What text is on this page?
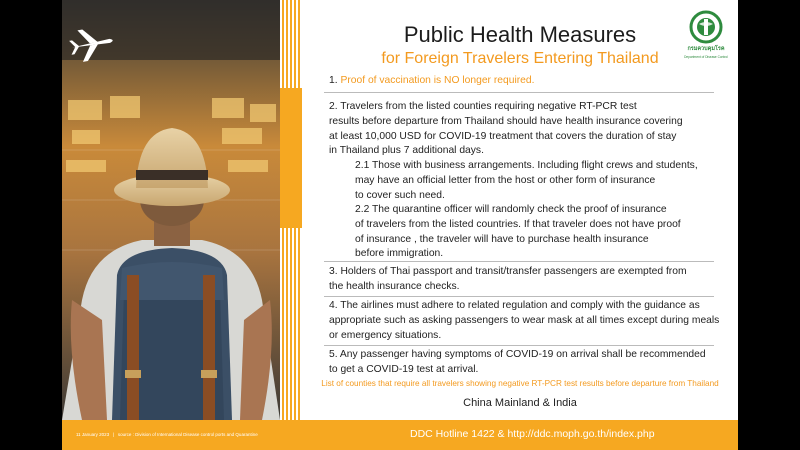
Public Health Measures
for Foreign Travelers Entering Thailand
กรมควบคุมโรค
Department of Disease Control
1. Proof of vaccination is NO longer required.
2. Travelers from the listed counties requiring negative RT-PCR test
results before departure from Thailand should have health insurance covering
at least 10,000 USD for COVID-19 treatment that covers the duration of stay
in Thailand plus 7 additional days.
2.1 Those with business arrangements. Including flight crews and students,
may have an official letter from the host or other form of insurance
to cover such need.
2.2 The quarantine officer will randomly check the proof of insurance
of travelers from the listed countries. If that traveler does not have proof
of insurance , the traveler will have to purchase health insurance
before immigration.
3. Holders of Thai passport and transit/transfer passengers are exempted from
the health insurance checks.
4. The airlines must adhere to related regulation and comply with the guidance as
appropriate such as asking passengers to wear mask at all times except during meals
or emergency situations.
5. Any passenger having symptoms of COVID-19 on arrival shall be recommended
to get a COVID-19 test at arrival.
List of counties that require all travelers showing negative RT-PCR test results before departure from Thailand
China Mainland & India
11 January 2023   |   source : Division of International Disease control ports and Quarantine	DDC Hotline 1422 & http://ddc.moph.go.th/index.php
